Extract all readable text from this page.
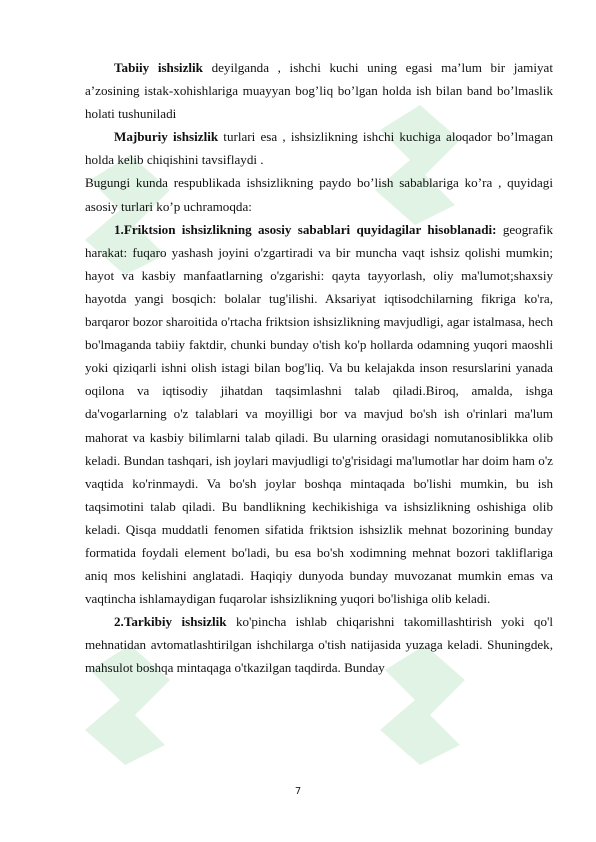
Tabiiy ishsizlik deyilganda , ishchi kuchi uning egasi ma’lum bir jamiyat a’zosining istak-xohishlariga muayyan bog’liq bo’lgan holda ish bilan band bo’lmaslik holati tushuniladi

Majburiy ishsizlik turlari esa , ishsizlikning ishchi kuchiga aloqador bo’lmagan holda kelib chiqishini tavsiflaydi .

Bugungi kunda respublikada ishsizlikning paydo bo’lish sabablariga ko’ra , quyidagi asosiy turlari ko’p uchramoqda:

1.Friktsion ishsizlikning asosiy sabablari quyidagilar hisoblanadi: geografik harakat: fuqaro yashash joyini o'zgartiradi va bir muncha vaqt ishsiz qolishi mumkin; hayot va kasbiy manfaatlarning o'zgarishi: qayta tayyorlash, oliy ma'lumot;shaxsiy hayotda yangi bosqich: bolalar tug'ilishi. Aksariyat iqtisodchilarning fikriga ko'ra, barqaror bozor sharoitida o'rtacha friktsion ishsizlikning mavjudligi, agar istalmasa, hech bo'lmaganda tabiiy faktdir, chunki bunday o'tish ko'p hollarda odamning yuqori maoshli yoki qiziqarli ishni olish istagi bilan bog'liq. Va bu kelajakda inson resurslarini yanada oqilona va iqtisodiy jihatdan taqsimlashni talab qiladi.Biroq, amalda, ishga da'vogarlarning o'z talablari va moyilligi bor va mavjud bo'sh ish o'rinlari ma'lum mahorat va kasbiy bilimlarni talab qiladi. Bu ularning orasidagi nomutanosiblikka olib keladi. Bundan tashqari, ish joylari mavjudligi to'g'risidagi ma'lumotlar har doim ham o'z vaqtida ko'rinmaydi. Va bo'sh joylar boshqa mintaqada bo'lishi mumkin, bu ish taqsimotini talab qiladi. Bu bandlikning kechikishiga va ishsizlikning oshishiga olib keladi. Qisqa muddatli fenomen sifatida friktsion ishsizlik mehnat bozorining bunday formatida foydali element bo'ladi, bu esa bo'sh xodimning mehnat bozori takliflariga aniq mos kelishini anglatadi. Haqiqiy dunyoda bunday muvozanat mumkin emas va vaqtincha ishlamaydigan fuqarolar ishsizlikning yuqori bo'lishiga olib keladi.

2.Tarkibiy ishsizlik ko'pincha ishlab chiqarishni takomillashtirish yoki qo'l mehnatidan avtomatlashtirilgan ishchilarga o'tish natijasida yuzaga keladi. Shuningdek, mahsulot boshqa mintaqaga o'tkazilgan taqdirda. Bunday

7
